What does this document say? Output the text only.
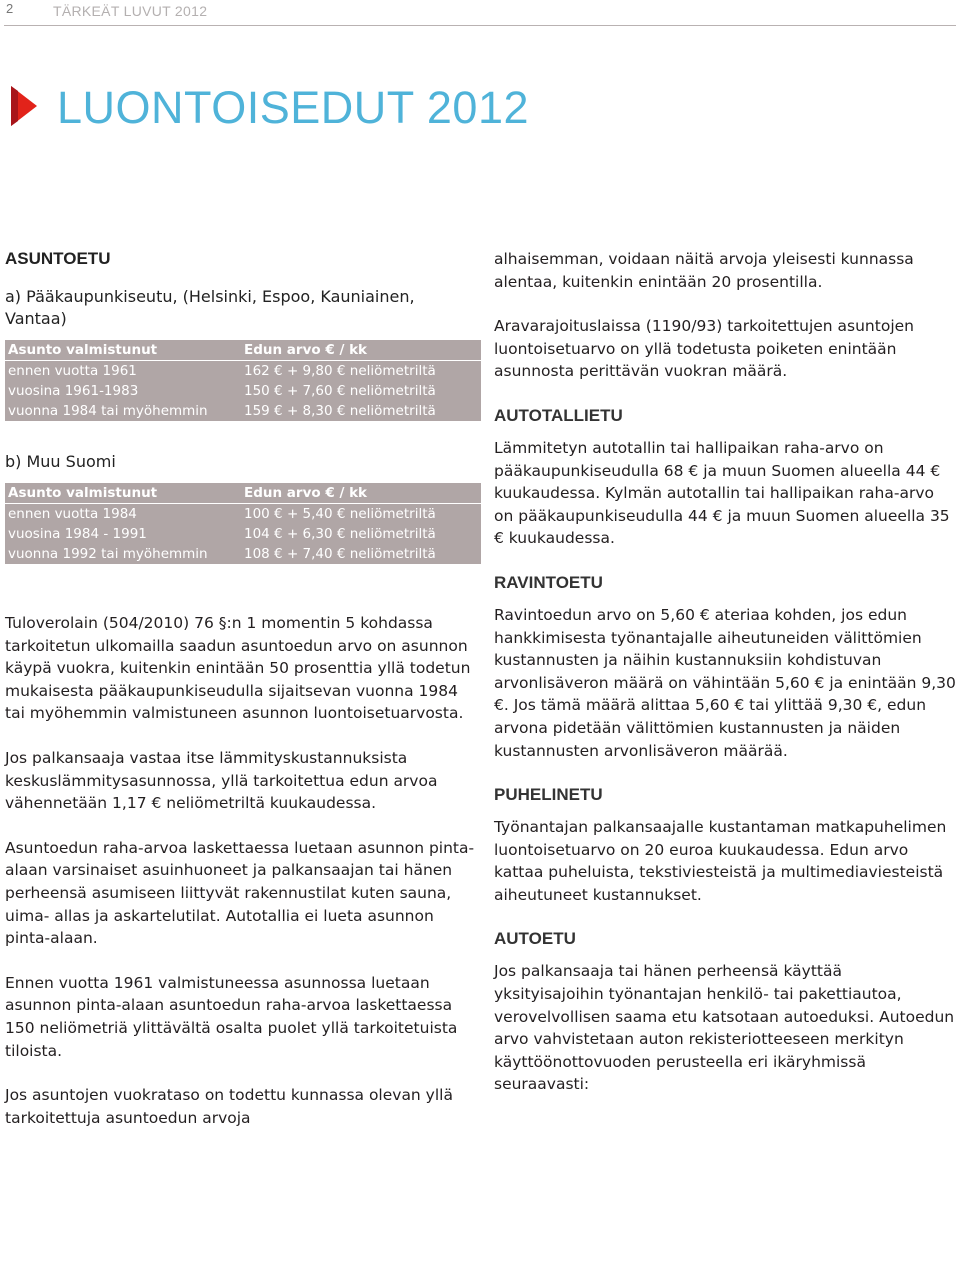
2	TÄRKEÄT LUVUT 2012
LUONTOISEDUT 2012
ASUNTOETU
a) Pääkaupunkiseutu, (Helsinki, Espoo, Kauniainen, Vantaa)
Asunto valmistunut	Edun arvo € / kk
ennen vuotta 1961	162 € + 9,80 € neliömetriltä
vuosina 1961-1983	150 € + 7,60 € neliömetriltä
vuonna 1984 tai myöhemmin	159 € + 8,30 € neliömetriltä
b) Muu Suomi
Asunto valmistunut	Edun arvo € / kk
ennen vuotta 1984	100 € + 5,40 € neliömetriltä
vuosina 1984 - 1991	104 € + 6,30 € neliömetriltä
vuonna 1992 tai myöhemmin	108 € + 7,40 € neliömetriltä

Tuloverolain (504/2010) 76 §:n 1 momentin 5 kohdassa tarkoitetun ulkomailla saadun asuntoedun arvo on asunnon käypä vuokra, kuitenkin enintään 50 prosenttia yllä todetun mukaisesta pääkaupunkiseudulla sijaitsevan vuonna 1984 tai myöhemmin valmistuneen asunnon luontoisetuarvosta.

Jos palkansaaja vastaa itse lämmityskustannuksista keskuslämmitysasunnossa, yllä tarkoitettua edun arvoa vähennetään 1,17 € neliömetriltä kuukaudessa.

Asuntoedun raha-arvoa laskettaessa luetaan asunnon pinta-alaan varsinaiset asuinhuoneet ja palkansaajan tai hänen perheensä asumiseen liittyvät rakennustilat kuten sauna, uima- allas ja askartelutilat. Autotallia ei lueta asunnon pinta-alaan.

Ennen vuotta 1961 valmistuneessa asunnossa luetaan asunnon pinta-alaan asuntoedun raha-arvoa laskettaessa 150 neliömetriä ylittävältä osalta puolet yllä tarkoitetuista tiloista.

Jos asuntojen vuokrataso on todettu kunnassa olevan yllä tarkoitettuja asuntoedun arvoja

alhaisemman, voidaan näitä arvoja yleisesti kunnassa alentaa, kuitenkin enintään 20 prosentilla.

Aravarajoituslaissa (1190/93) tarkoitettujen asuntojen luontoisetuarvo on yllä todetusta poiketen enintään asunnosta perittävän vuokran määrä.

AUTOTALLIETU

Lämmitetyn autotallin tai hallipaikan raha-arvo on pääkaupunkiseudulla 68 € ja muun Suomen alueella 44 € kuukaudessa. Kylmän autotallin tai hallipaikan raha-arvo on pääkaupunkiseudulla 44 € ja muun Suomen alueella 35 € kuukaudessa.

RAVINTOETU

Ravintoedun arvo on 5,60 € ateriaa kohden, jos edun hankkimisesta työnantajalle aiheutuneiden välittömien kustannusten ja näihin kustannuksiin kohdistuvan arvonlisäveron määrä on vähintään 5,60 € ja enintään 9,30 €. Jos tämä määrä alittaa 5,60 € tai ylittää 9,30 €, edun arvona pidetään välittömien kustannusten ja näiden kustannusten arvonlisäveron määrää.

PUHELINETU

Työnantajan palkansaajalle kustantaman matkapuhelimen luontoisetuarvo on 20 euroa kuukaudessa. Edun arvo kattaa puheluista, tekstiviesteistä ja multimediaviesteistä aiheutuneet kustannukset.

AUTOETU

Jos palkansaaja tai hänen perheensä käyttää yksityisajoihin työnantajan henkilö- tai pakettiautoa, verovelvollisen saama etu katsotaan autoeduksi. Autoedun arvo vahvistetaan auton rekisteriotteeseen merkityn käyttöönottovuoden perusteella eri ikäryhmissä seuraavasti:
